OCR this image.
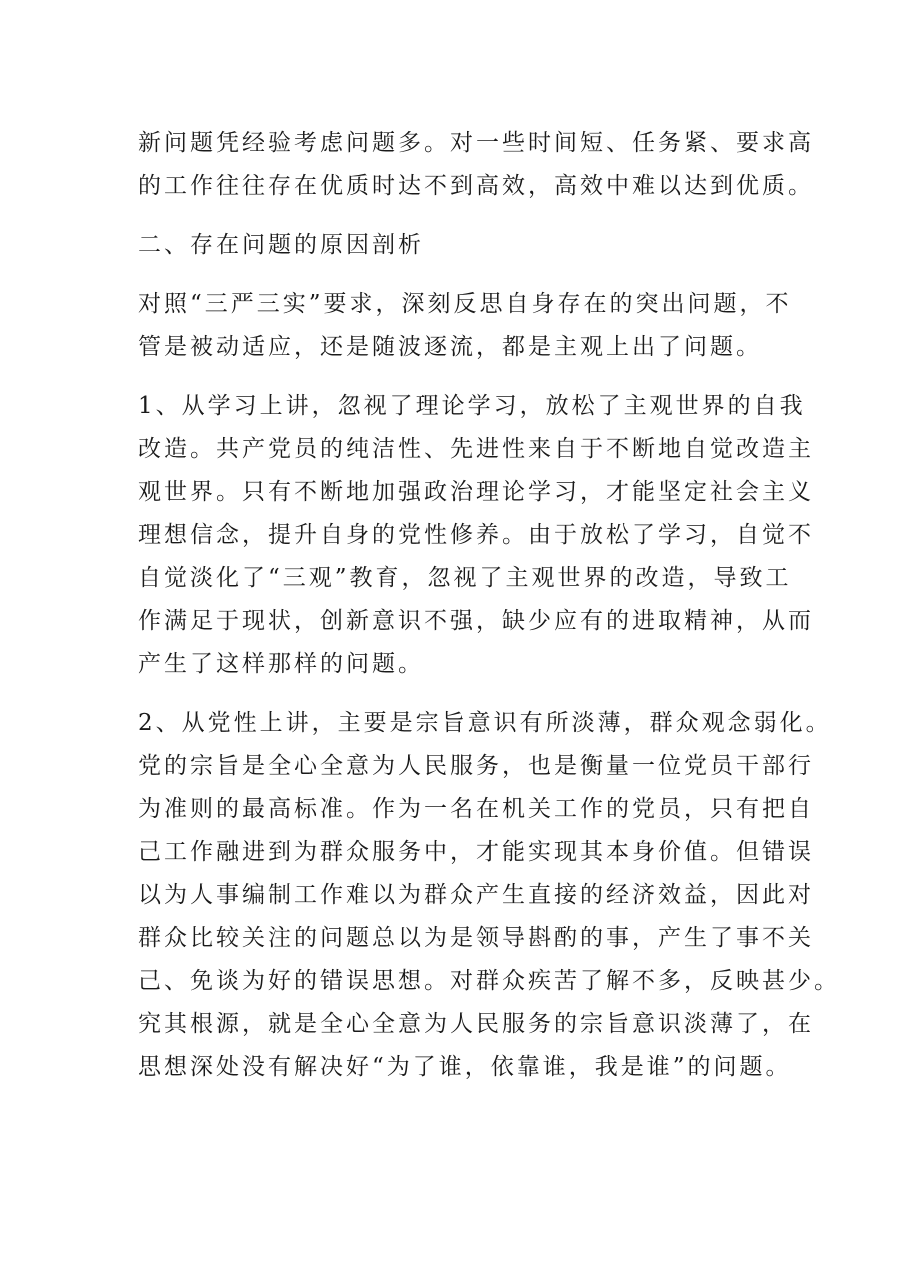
新问题凭经验考虑问题多。对一些时间短、任务紧、要求高
的工作往往存在优质时达不到高效，高效中难以达到优质。

二、存在问题的原因剖析

对照“三严三实”要求，深刻反思自身存在的突出问题，不
管是被动适应，还是随波逐流，都是主观上出了问题。

1、从学习上讲，忽视了理论学习，放松了主观世界的自我
改造。共产党员的纯洁性、先进性来自于不断地自觉改造主
观世界。只有不断地加强政治理论学习，才能坚定社会主义
理想信念，提升自身的党性修养。由于放松了学习，自觉不
自觉淡化了“三观”教育，忽视了主观世界的改造，导致工
作满足于现状，创新意识不强，缺少应有的进取精神，从而
产生了这样那样的问题。

2、从党性上讲，主要是宗旨意识有所淡薄，群众观念弱化。
党的宗旨是全心全意为人民服务，也是衡量一位党员干部行
为准则的最高标准。作为一名在机关工作的党员，只有把自
己工作融进到为群众服务中，才能实现其本身价值。但错误
以为人事编制工作难以为群众产生直接的经济效益，因此对
群众比较关注的问题总以为是领导斟酌的事，产生了事不关
己、免谈为好的错误思想。对群众疾苦了解不多，反映甚少。
究其根源，就是全心全意为人民服务的宗旨意识淡薄了，在
思想深处没有解决好“为了谁，依靠谁，我是谁”的问题。
